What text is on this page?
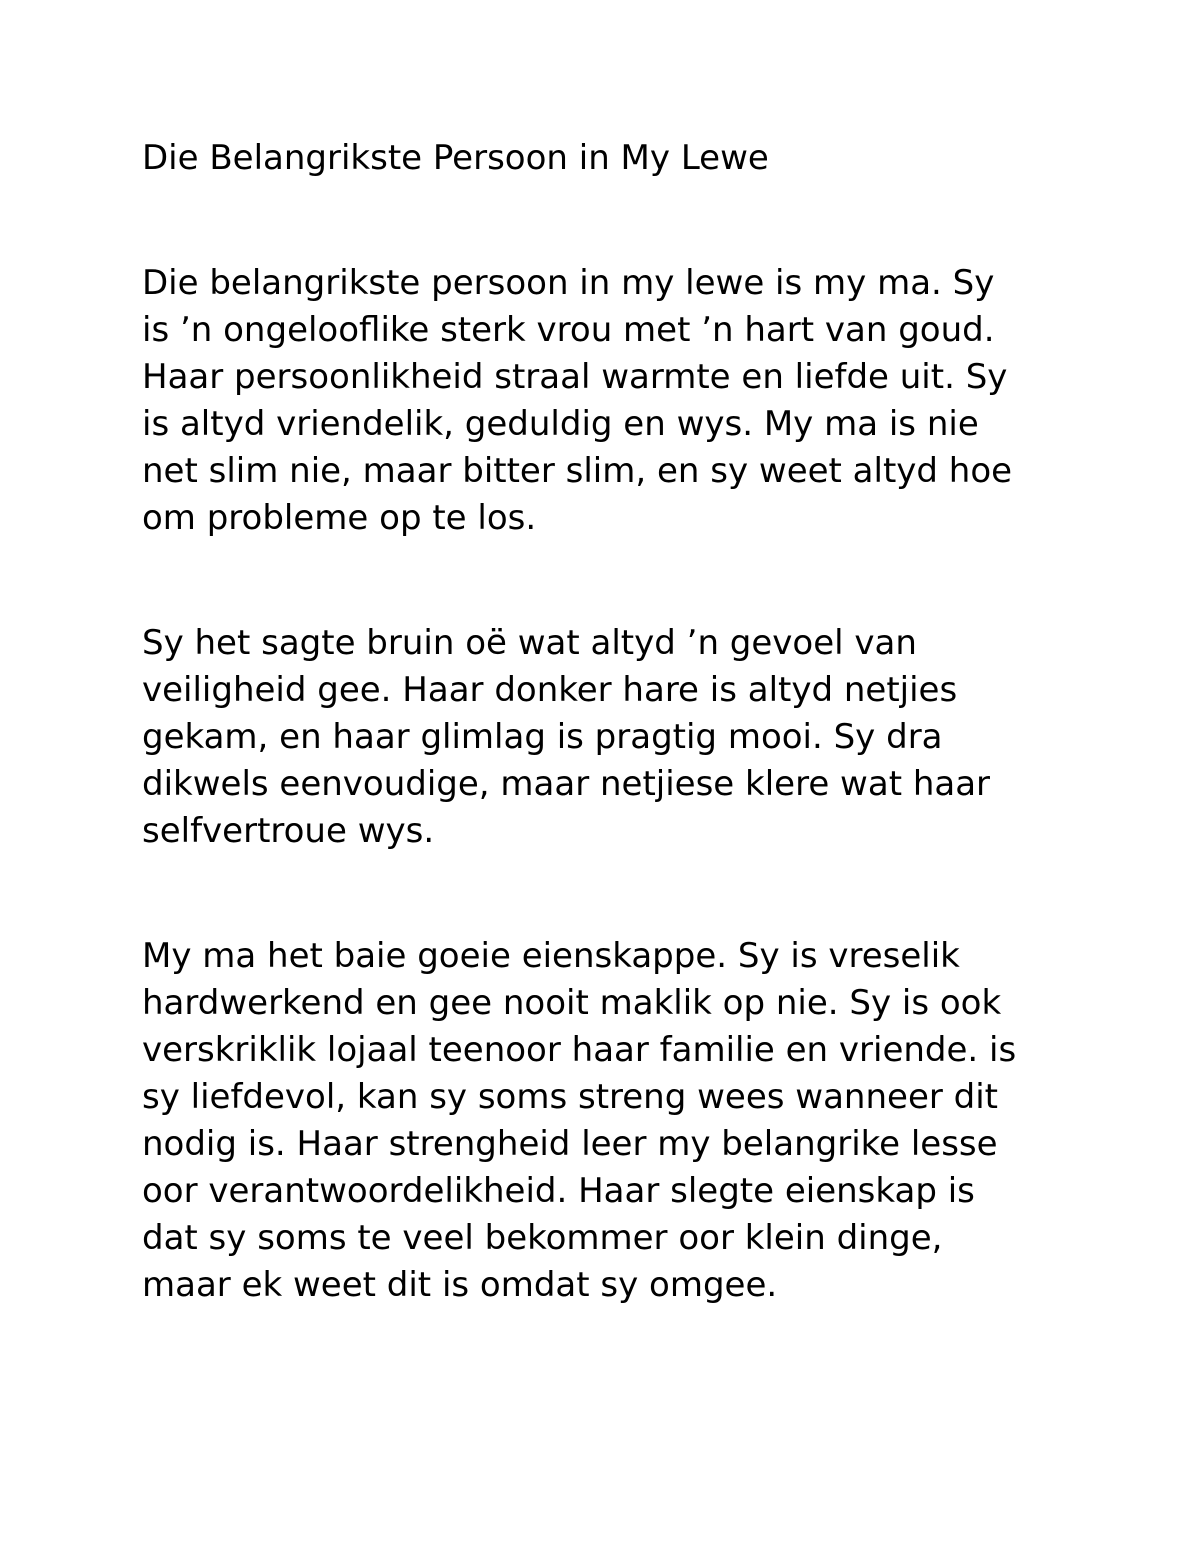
Die Belangrikste Persoon in My Lewe
Die belangrikste persoon in my lewe is my ma. Sy
is ’n ongelooflike sterk vrou met ’n hart van goud.
Haar persoonlikheid straal warmte en liefde uit. Sy
is altyd vriendelik, geduldig en wys. My ma is nie
net slim nie, maar bitter slim, en sy weet altyd hoe
om probleme op te los.
Sy het sagte bruin oë wat altyd ’n gevoel van
veiligheid gee. Haar donker hare is altyd netjies
gekam, en haar glimlag is pragtig mooi. Sy dra
dikwels eenvoudige, maar netjiese klere wat haar
selfvertroue wys.
My ma het baie goeie eienskappe. Sy is vreselik
hardwerkend en gee nooit maklik op nie. Sy is ook
verskriklik lojaal teenoor haar familie en vriende. is
sy liefdevol, kan sy soms streng wees wanneer dit
nodig is. Haar strengheid leer my belangrike lesse
oor verantwoordelikheid. Haar slegte eienskap is
dat sy soms te veel bekommer oor klein dinge,
maar ek weet dit is omdat sy omgee.
